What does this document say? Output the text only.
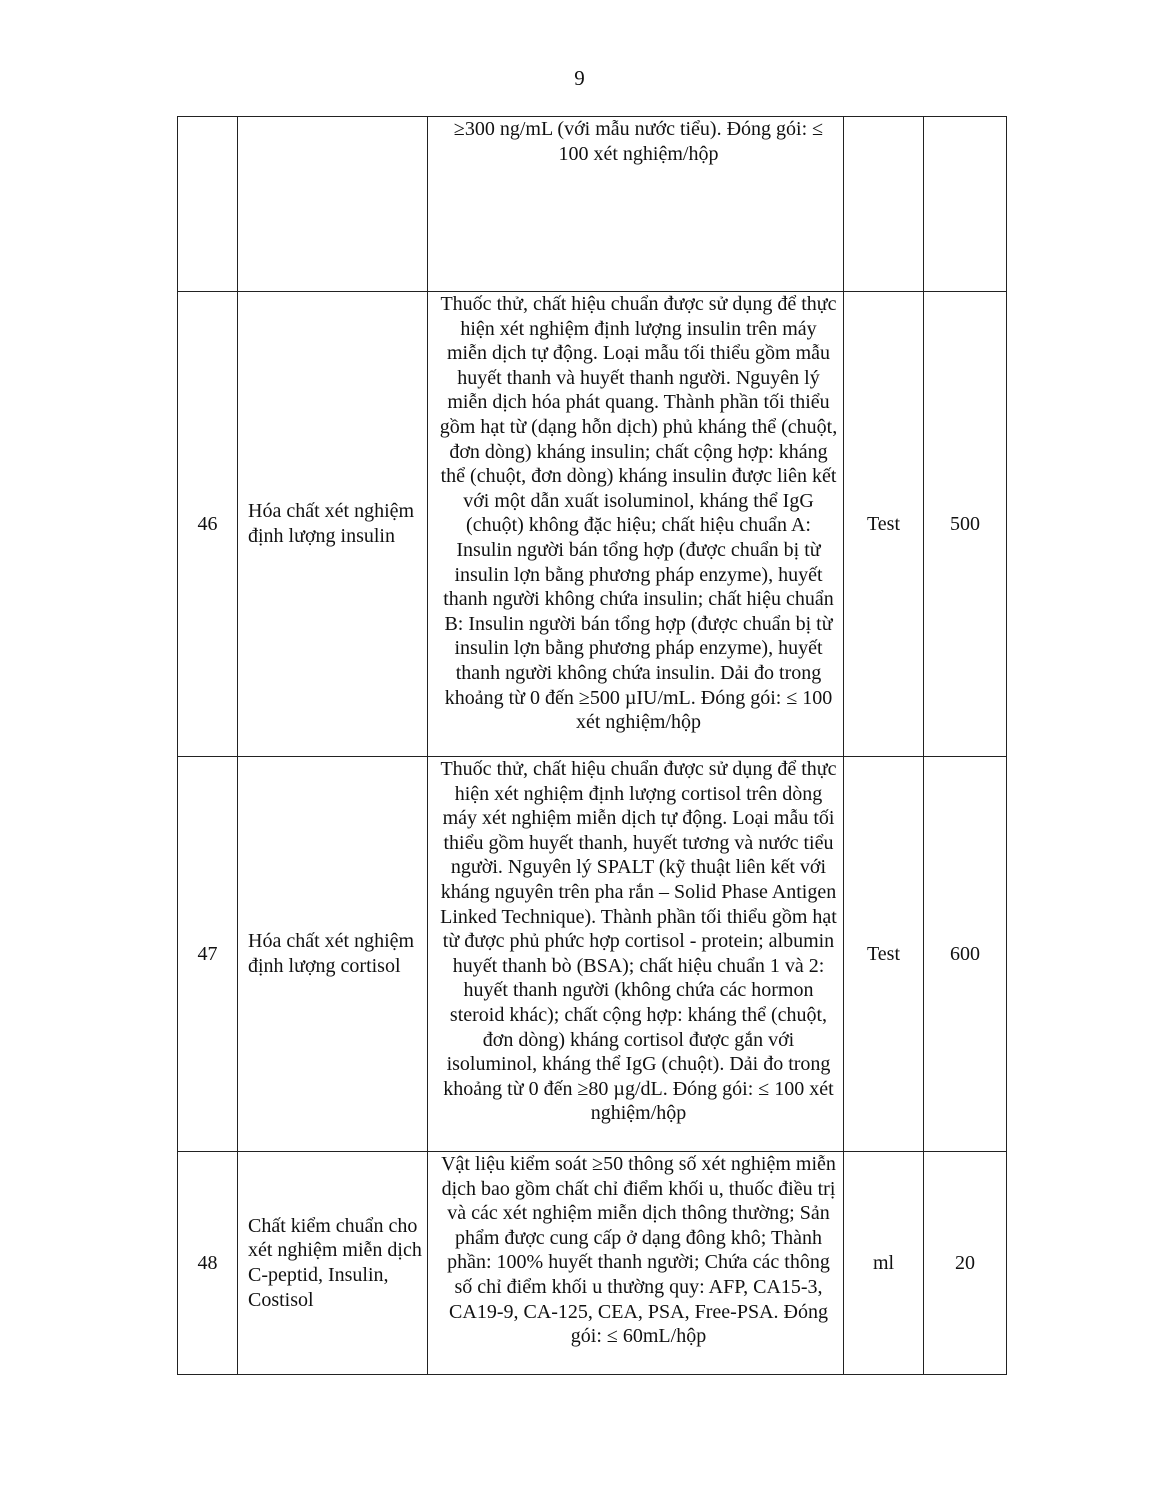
9
		≥300 ng/mL (với mẫu nước tiểu). Đóng gói: ≤ 100 xét nghiệm/hộp		
46	Hóa chất xét nghiệm định lượng insulin	Thuốc thử, chất hiệu chuẩn được sử dụng để thực hiện xét nghiệm định lượng insulin trên máy miễn dịch tự động. Loại mẫu tối thiểu gồm mẫu huyết thanh và huyết thanh người. Nguyên lý miễn dịch hóa phát quang. Thành phần tối thiểu gồm hạt từ (dạng hỗn dịch) phủ kháng thể (chuột, đơn dòng) kháng insulin; chất cộng hợp: kháng thể (chuột, đơn dòng) kháng insulin được liên kết với một dẫn xuất isoluminol, kháng thể IgG (chuột) không đặc hiệu; chất hiệu chuẩn A: Insulin người bán tổng hợp (được chuẩn bị từ insulin lợn bằng phương pháp enzyme), huyết thanh người không chứa insulin; chất hiệu chuẩn B: Insulin người bán tổng hợp (được chuẩn bị từ insulin lợn bằng phương pháp enzyme), huyết thanh người không chứa insulin. Dải đo trong khoảng từ 0 đến ≥500 µIU/mL. Đóng gói: ≤ 100 xét nghiệm/hộp	Test	500
47	Hóa chất xét nghiệm định lượng cortisol	Thuốc thử, chất hiệu chuẩn được sử dụng để thực hiện xét nghiệm định lượng cortisol trên dòng máy xét nghiệm miễn dịch tự động. Loại mẫu tối thiểu gồm huyết thanh, huyết tương và nước tiểu người. Nguyên lý SPALT (kỹ thuật liên kết với kháng nguyên trên pha rắn – Solid Phase Antigen Linked Technique). Thành phần tối thiểu gồm hạt từ được phủ phức hợp cortisol - protein; albumin huyết thanh bò (BSA); chất hiệu chuẩn 1 và 2: huyết thanh người (không chứa các hormon steroid khác); chất cộng hợp: kháng thể (chuột, đơn dòng) kháng cortisol được gắn với isoluminol, kháng thể IgG (chuột). Dải đo trong khoảng từ 0 đến ≥80 µg/dL. Đóng gói: ≤ 100 xét nghiệm/hộp	Test	600
48	Chất kiểm chuẩn cho xét nghiệm miễn dịch C-peptid, Insulin, Costisol	Vật liệu kiểm soát ≥50 thông số xét nghiệm miễn dịch bao gồm chất chỉ điểm khối u, thuốc điều trị và các xét nghiệm miễn dịch thông thường; Sản phẩm được cung cấp ở dạng đông khô; Thành phần: 100% huyết thanh người; Chứa các thông số chỉ điểm khối u thường quy: AFP, CA15-3, CA19-9, CA-125, CEA, PSA, Free-PSA. Đóng gói: ≤ 60mL/hộp	ml	20
